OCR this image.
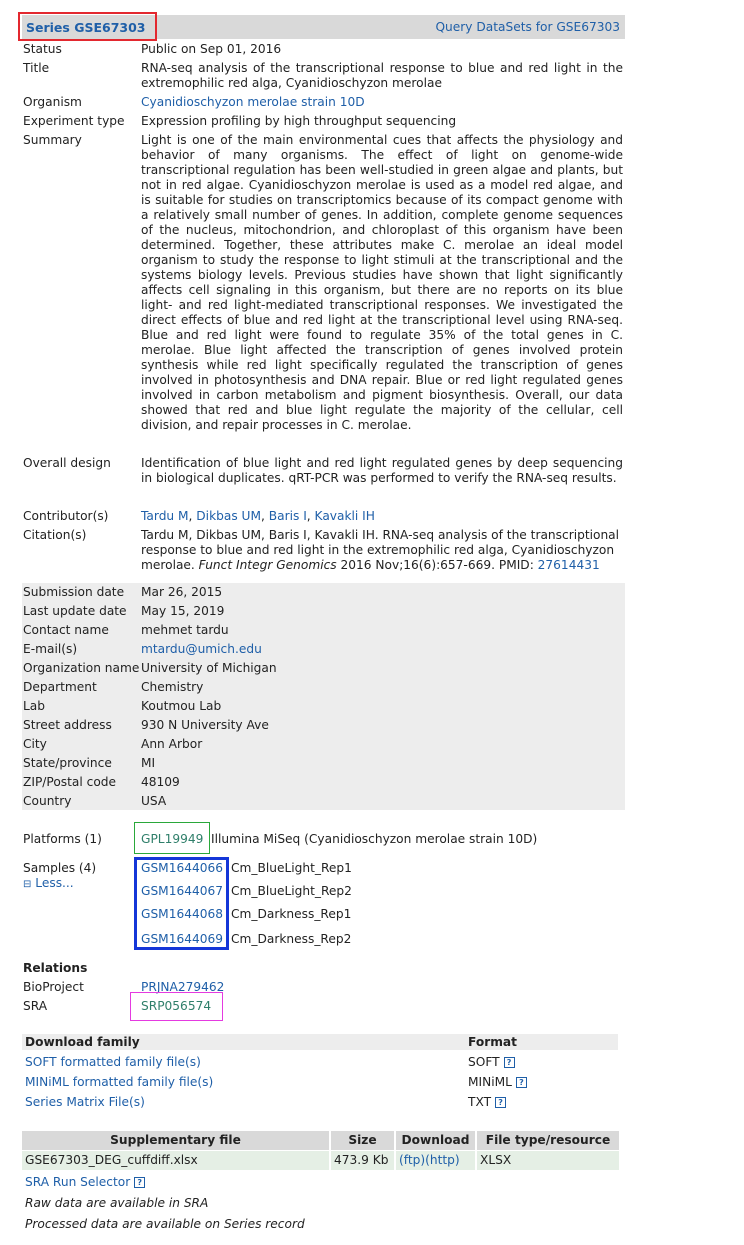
Series GSE67303	Query DataSets for GSE67303
Status	Public on Sep 01, 2016
Title	RNA-seq analysis of the transcriptional response to blue and red light in the extremophilic red alga, Cyanidioschyzon merolae
Organism	Cyanidioschyzon merolae strain 10D
Experiment type Expression profiling by high throughput sequencing
Summary	Light is one of the main environmental cues that affects the physiology and behavior of many organisms. The effect of light on genome-wide transcriptional regulation has been well-studied in green algae and plants, but not in red algae. Cyanidioschyzon merolae is used as a model red algae, and is suitable for studies on transcriptomics because of its compact genome with a relatively small number of genes. In addition, complete genome sequences of the nucleus, mitochondrion, and chloroplast of this organism have been determined. Together, these attributes make C. merolae an ideal model organism to study the response to light stimuli at the transcriptional and the systems biology levels. Previous studies have shown that light significantly affects cell signaling in this organism, but there are no reports on its blue light- and red light-mediated transcriptional responses. We investigated the direct effects of blue and red light at the transcriptional level using RNA-seq. Blue and red light were found to regulate 35% of the total genes in C. merolae. Blue light affected the transcription of genes involved protein synthesis while red light specifically regulated the transcription of genes involved in photosynthesis and DNA repair. Blue or red light regulated genes involved in carbon metabolism and pigment biosynthesis. Overall, our data showed that red and blue light regulate the majority of the cellular, cell division, and repair processes in C. merolae.
Overall design Identification of blue light and red light regulated genes by deep sequencing in biological duplicates. qRT-PCR was performed to verify the RNA-seq results.
Contributor(s)	Tardu M, Dikbas UM, Baris I, Kavakli IH
Citation(s)	Tardu M, Dikbas UM, Baris I, Kavakli IH. RNA-seq analysis of the transcriptional response to blue and red light in the extremophilic red alga, Cyanidioschyzon merolae. Funct Integr Genomics 2016 Nov;16(6):657-669. PMID: 27614431
Submission date Mar 26, 2015
Last update date May 15, 2019
Contact name	mehmet tardu
E-mail(s)	mtardu@umich.edu
Organization name University of Michigan
Department	Chemistry
Lab	Koutmou Lab
Street address 930 N University Ave
City	Ann Arbor
State/province MI
ZIP/Postal code 48109
Country	USA
Platforms (1)	GPL19949 Illumina MiSeq (Cyanidioschyzon merolae strain 10D)
Samples (4)
⊟ Less...
GSM1644066 Cm_BlueLight_Rep1
GSM1644067 Cm_BlueLight_Rep2
GSM1644068 Cm_Darkness_Rep1
GSM1644069 Cm_Darkness_Rep2
Relations
BioProject	PRJNA279462
SRA	SRP056574
Download family	Format
SOFT formatted family file(s)	SOFT ?
MINiML formatted family file(s)	MINiML ?
Series Matrix File(s)	TXT ?
Supplementary file	Size	Download	File type/resource
GSE67303_DEG_cuffdiff.xlsx	473.9 Kb (ftp)(http)	XLSX
SRA Run Selector ?
Raw data are available in SRA
Processed data are available on Series record
